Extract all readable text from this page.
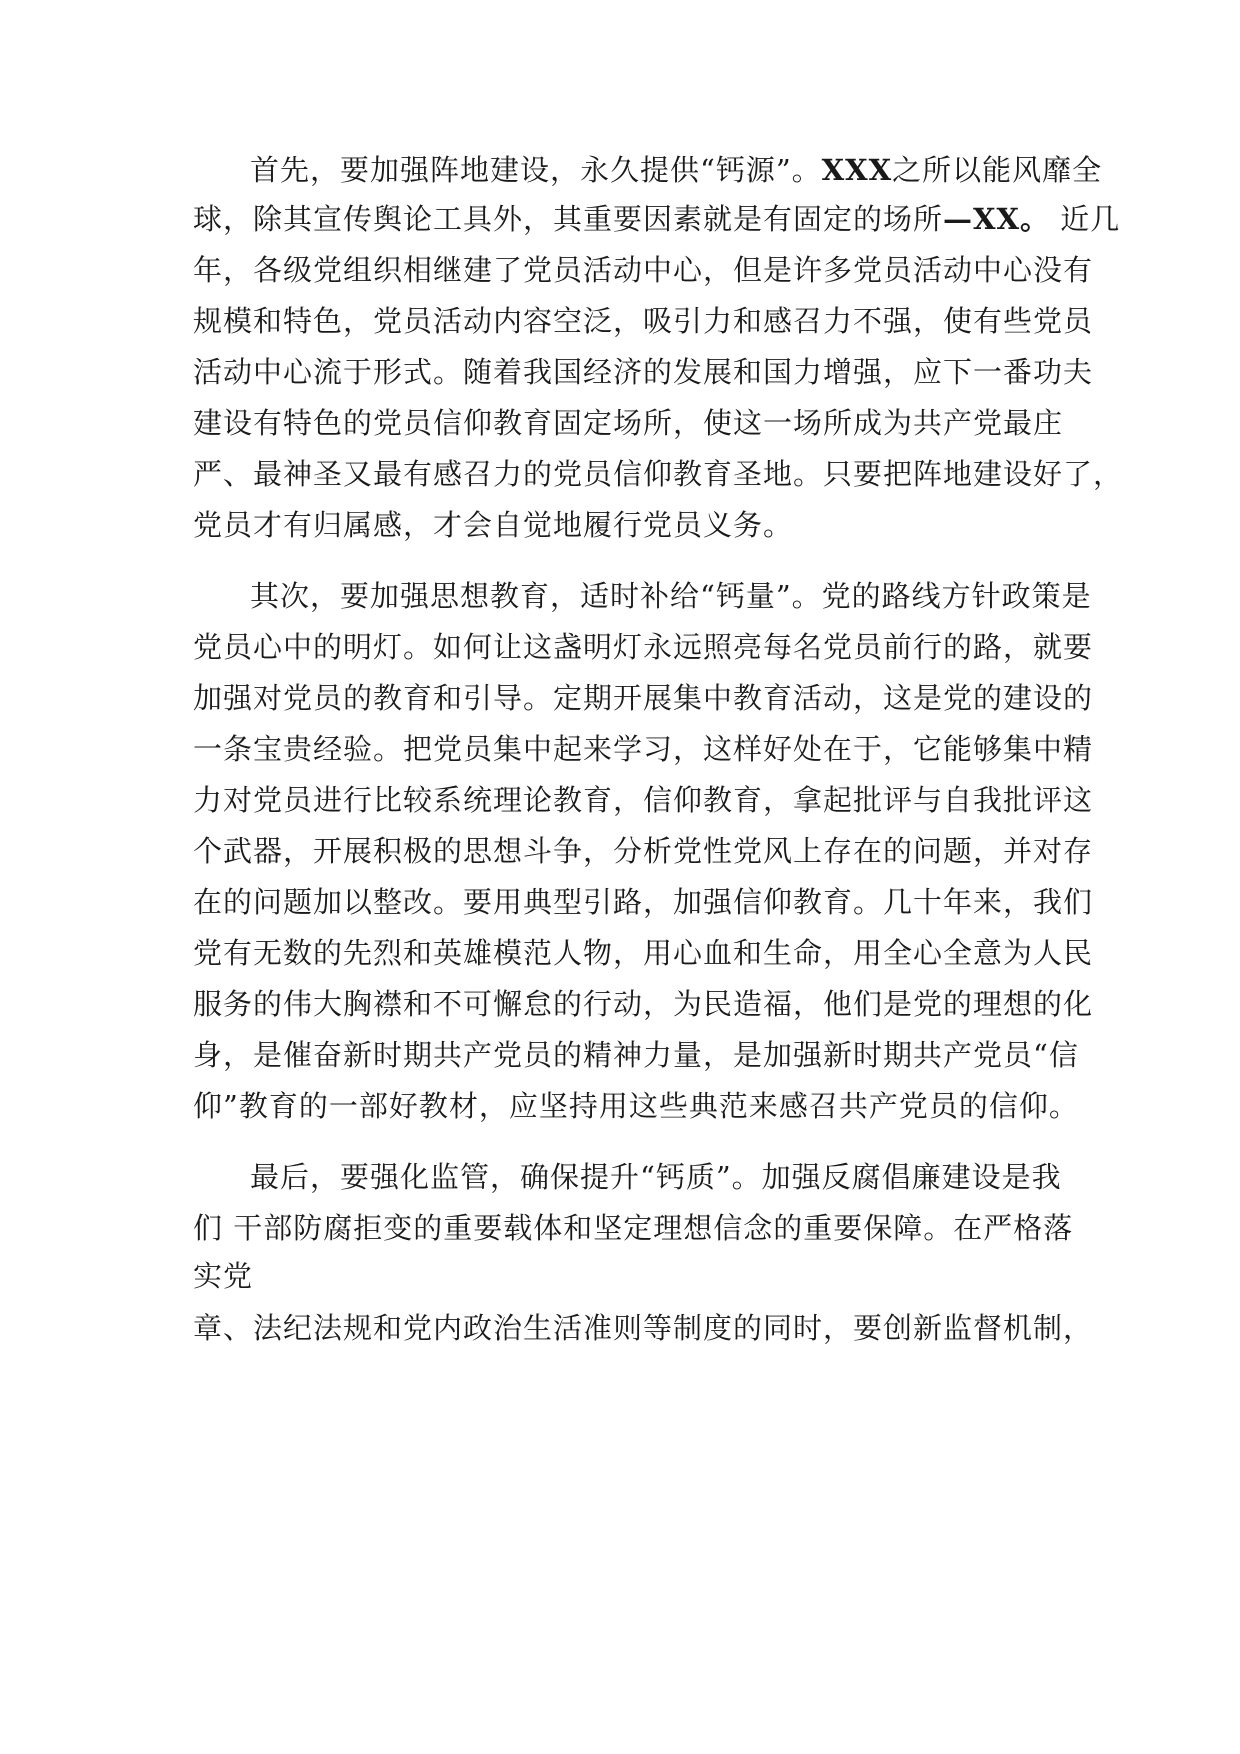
首先，要加强阵地建设，永久提供“钙源”。XXX之所以能风靡全
球，除其宣传舆论工具外，其重要因素就是有固定的场所—XX。 近几
年，各级党组织相继建了党员活动中心，但是许多党员活动中心没有
规模和特色，党员活动内容空泛，吸引力和感召力不强，使有些党员
活动中心流于形式。随着我国经济的发展和国力增强，应下一番功夫
建设有特色的党员信仰教育固定场所，使这一场所成为共产党最庄
严、最神圣又最有感召力的党员信仰教育圣地。只要把阵地建设好了，
党员才有归属感，才会自觉地履行党员义务。
其次，要加强思想教育，适时补给“钙量”。党的路线方针政策是
党员心中的明灯。如何让这盏明灯永远照亮每名党员前行的路，就要
加强对党员的教育和引导。定期开展集中教育活动，这是党的建设的
一条宝贵经验。把党员集中起来学习，这样好处在于，它能够集中精
力对党员进行比较系统理论教育，信仰教育，拿起批评与自我批评这
个武器，开展积极的思想斗争，分析党性党风上存在的问题，并对存
在的问题加以整改。要用典型引路，加强信仰教育。几十年来，我们
党有无数的先烈和英雄模范人物，用心血和生命，用全心全意为人民
服务的伟大胸襟和不可懈怠的行动，为民造福，他们是党的理想的化
身，是催奋新时期共产党员的精神力量，是加强新时期共产党员“信
仰”教育的一部好教材，应坚持用这些典范来感召共产党员的信仰。
最后，要强化监管，确保提升“钙质”。加强反腐倡廉建设是我
们 干部防腐拒变的重要载体和坚定理想信念的重要保障。在严格落
实党
章、法纪法规和党内政治生活准则等制度的同时，要创新监督机制，
